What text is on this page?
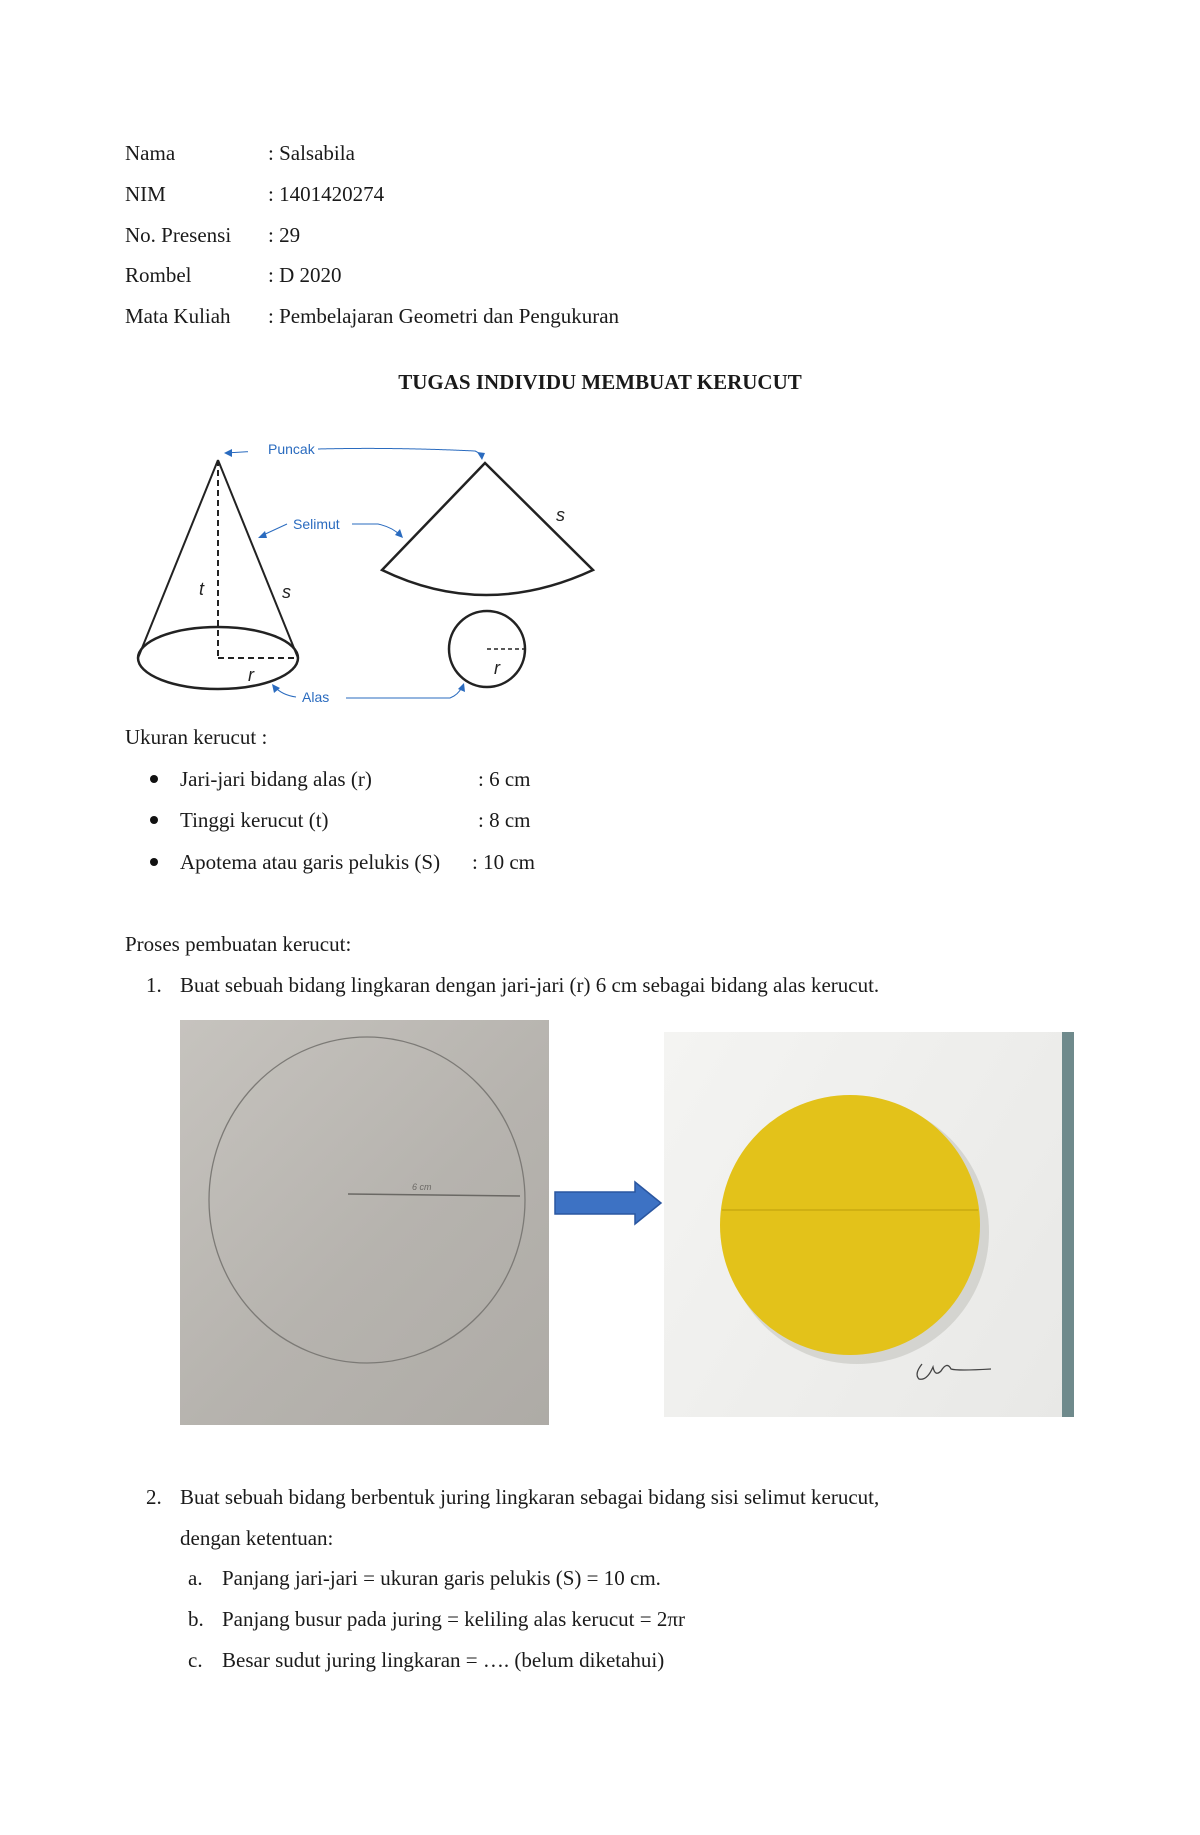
Nama	: Salsabila
NIM	: 1401420274
No. Presensi : 29
Rombel	: D 2020
Mata Kuliah : Pembelajaran Geometri dan Pengukuran
TUGAS INDIVIDU MEMBUAT KERUCUT
t	s
r
s
r
Puncak
Selimut
Alas
Ukuran kerucut :
Jari-jari bidang alas (r)	: 6 cm
Tinggi kerucut (t)	: 8 cm
Apotema atau garis pelukis (S) : 10 cm
Proses pembuatan kerucut:
1. Buat sebuah bidang lingkaran dengan jari-jari (r) 6 cm sebagai bidang alas kerucut.
6 cm
2. Buat sebuah bidang berbentuk juring lingkaran sebagai bidang sisi selimut kerucut,
dengan ketentuan:
a. Panjang jari-jari = ukuran garis pelukis (S) = 10 cm.
b. Panjang busur pada juring = keliling alas kerucut = 2πr
c. Besar sudut juring lingkaran = …. (belum diketahui)
